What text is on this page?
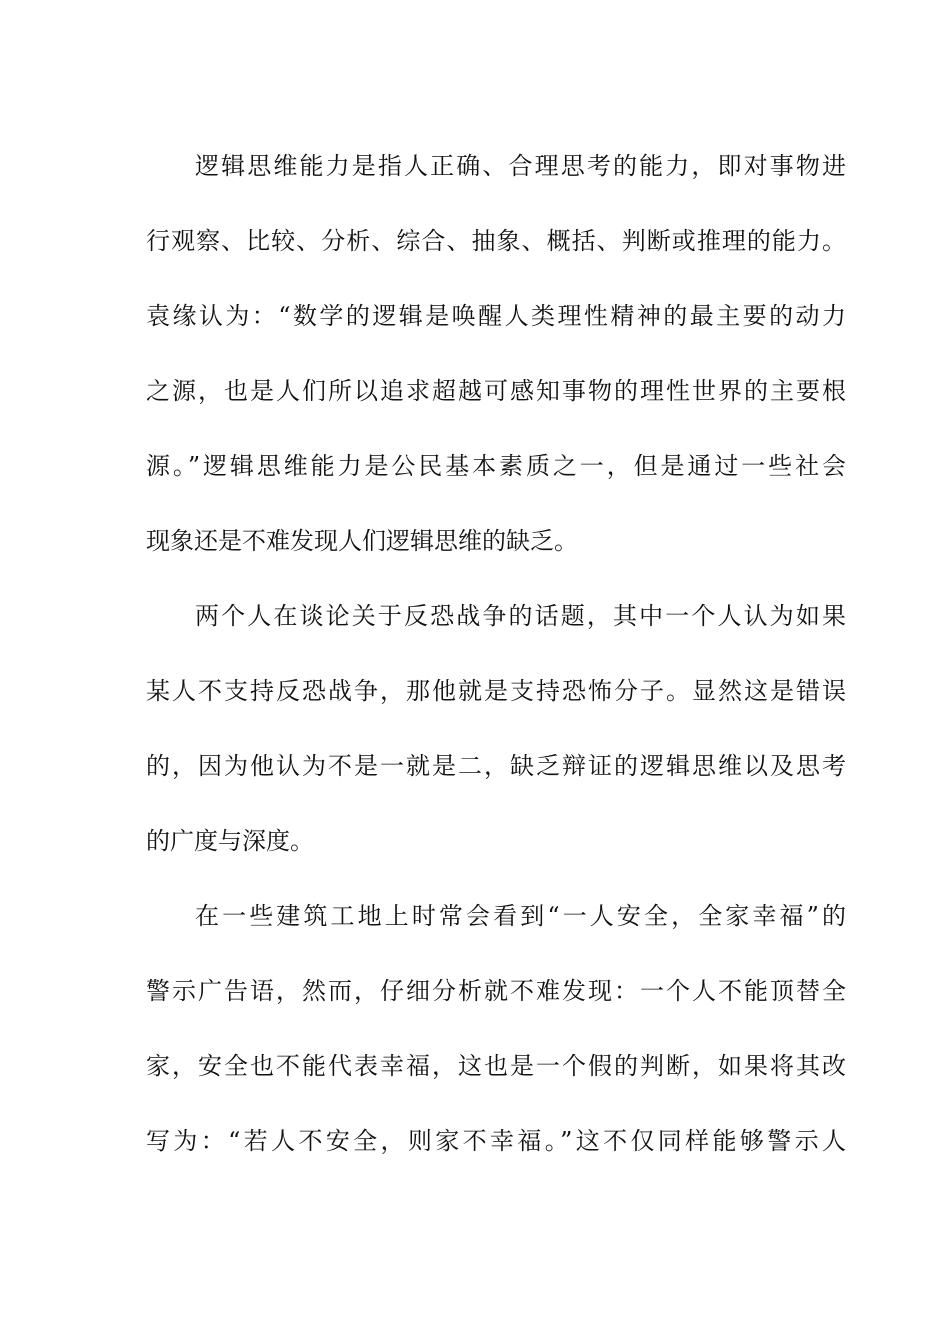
逻辑思维能力是指人正确、合理思考的能力，即对事物进
行观察、比较、分析、综合、抽象、概括、判断或推理的能力。
袁缘认为：“数学的逻辑是唤醒人类理性精神的最主要的动力
之源，也是人们所以追求超越可感知事物的理性世界的主要根
源。”逻辑思维能力是公民基本素质之一，但是通过一些社会
现象还是不难发现人们逻辑思维的缺乏。
两个人在谈论关于反恐战争的话题，其中一个人认为如果
某人不支持反恐战争，那他就是支持恐怖分子。显然这是错误
的，因为他认为不是一就是二，缺乏辩证的逻辑思维以及思考
的广度与深度。
在一些建筑工地上时常会看到“一人安全，全家幸福”的
警示广告语，然而，仔细分析就不难发现：一个人不能顶替全
家，安全也不能代表幸福，这也是一个假的判断，如果将其改
写为：“若人不安全，则家不幸福。”这不仅同样能够警示人
